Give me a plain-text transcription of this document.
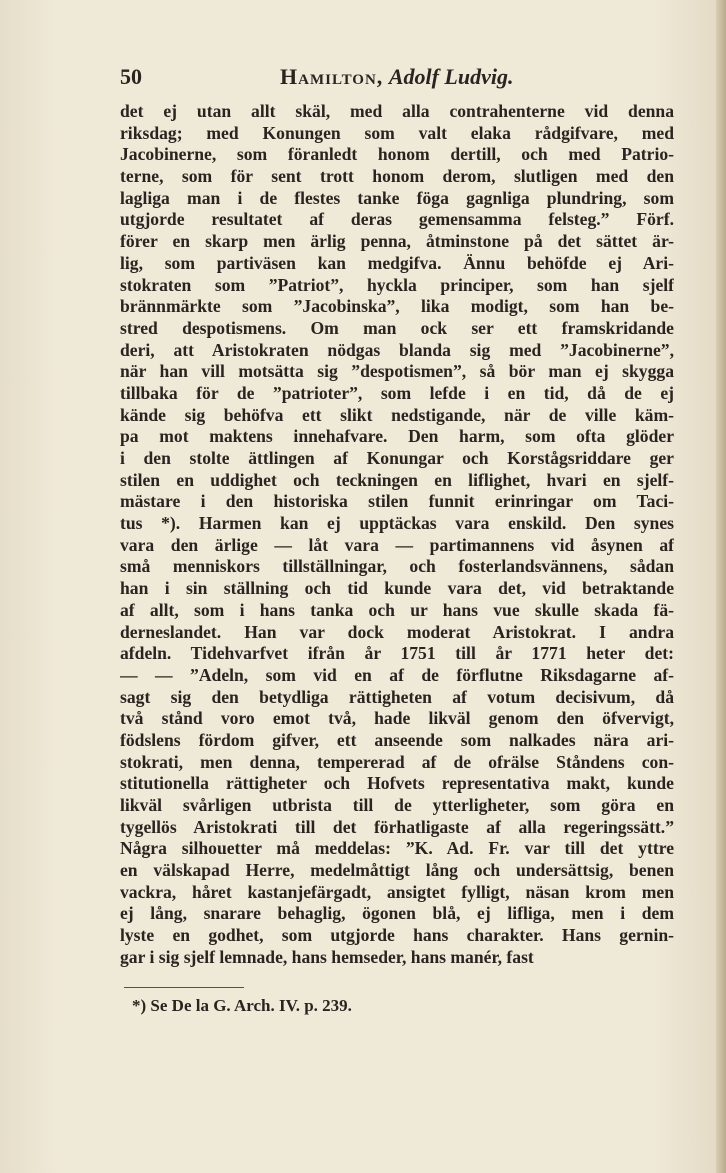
50	Hamilton, Adolf Ludvig.
det ej utan allt skäl, med alla contrahenterne vid denna
riksdag; med Konungen som valt elaka rådgifvare, med
Jacobinerne, som föranledt honom dertill, och med Patrio-
terne, som för sent trott honom derom, slutligen med den
lagliga man i de flestes tanke föga gagnliga plundring, som
utgjorde resultatet af deras gemensamma felsteg.” Förf.
förer en skarp men ärlig penna, åtminstone på det sättet är-
lig, som partiväsen kan medgifva. Ännu behöfde ej Ari-
stokraten som ”Patriot”, hyckla principer, som han sjelf
brännmärkte som ”Jacobinska”, lika modigt, som han be-
stred despotismens. Om man ock ser ett framskridande
deri, att Aristokraten nödgas blanda sig med ”Jacobinerne”,
när han vill motsätta sig ”despotismen”, så bör man ej skygga
tillbaka för de ”patrioter”, som lefde i en tid, då de ej
kände sig behöfva ett slikt nedstigande, när de ville käm-
pa mot maktens innehafvare. Den harm, som ofta glöder
i den stolte ättlingen af Konungar och Korstågsriddare ger
stilen en uddighet och teckningen en liflighet, hvari en sjelf-
mästare i den historiska stilen funnit erinringar om Taci-
tus *). Harmen kan ej upptäckas vara enskild. Den synes
vara den ärlige — låt vara — partimannens vid åsynen af
små menniskors tillställningar, och fosterlandsvännens, sådan
han i sin ställning och tid kunde vara det, vid betraktande
af allt, som i hans tanka och ur hans vue skulle skada fä-
derneslandet. Han var dock moderat Aristokrat. I andra
afdeln. Tidehvarfvet ifrån år 1751 till år 1771 heter det:
— — ”Adeln, som vid en af de förflutne Riksdagarne af-
sagt sig den betydliga rättigheten af votum decisivum, då
två stånd voro emot två, hade likväl genom den öfvervigt,
födslens fördom gifver, ett anseende som nalkades nära ari-
stokrati, men denna, tempererad af de ofrälse Ståndens con-
stitutionella rättigheter och Hofvets representativa makt, kunde
likväl svårligen utbrista till de ytterligheter, som göra en
tygellös Aristokrati till det förhatligaste af alla regeringssätt.”
Några silhouetter må meddelas: ”K. Ad. Fr. var till det yttre
en välskapad Herre, medelmåttigt lång och undersättsig, benen
vackra, håret kastanjefärgadt, ansigtet fylligt, näsan krom men
ej lång, snarare behaglig, ögonen blå, ej lifliga, men i dem
lyste en godhet, som utgjorde hans charakter. Hans gernin-
gar i sig sjelf lemnade, hans hemseder, hans manér, fast
*) Se De la G. Arch. IV. p. 239.
